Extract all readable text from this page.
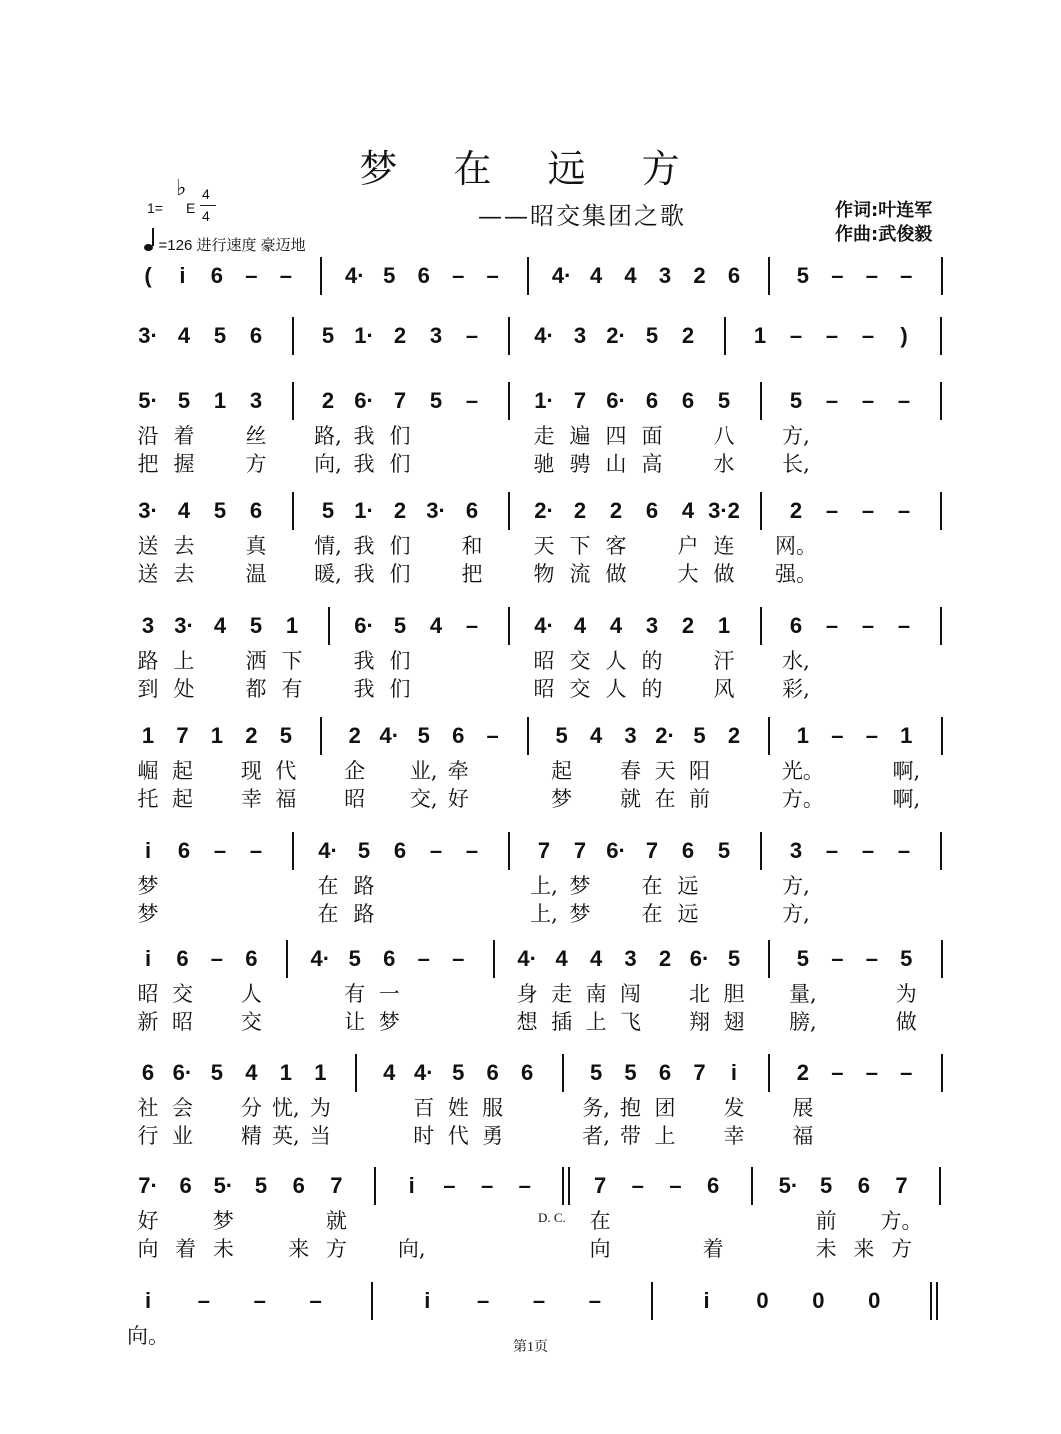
梦 在 远 方
——昭交集团之歌	作词:叶连军
作曲:武俊毅
1=
♭
E
4
4
=126 进行速度 豪迈地
( i 6 – – 4· 5 6 – – 4· 4 4 3 2 6	5 – – –
3· 4 5 6	5 1· 2 3 –	4· 3 2· 5 2	1 – – – )
5· 5 1 3	2 6· 7 5 –	1· 7 6· 6 6 5	5 – – –
沿 着 丝 路, 我 们	走 遍 四 面 八 方,
把 握 方 向, 我 们	驰 骋 山 高 水 长,
3· 4 5 6	5 1· 2 3· 6	2· 2 2 6 4 3·2 2 – – –
送 去 真 情, 我 们 和 天 下 客 户 连 网。
送 去 温 暖, 我 们 把 物 流 做 大 做 强。
3 3· 4 5 1	6· 5 4 –	4· 4 4 3 2 1	6 – – –
路 上 洒 下 我 们	昭 交 人 的 汗 水,
到 处 都 有 我 们	昭 交 人 的 风 彩,
1 7 1 2 5	2 4· 5 6 –	5 4 3 2· 5 2	1 – – 1
崛 起 现 代 企 业, 牵	起 春 天 阳	光。	啊,
托 起 幸 福 昭 交, 好	梦 就 在 前	方。	啊,
i 6 – –	4· 5 6 – –	7 7 6· 7 6 5	3 – – –
梦	在 路	上, 梦 在 远	方,
梦	在 路	上, 梦 在 远	方,
i 6 – 6 4· 5 6 – – 4· 4 4 3 2 6· 5	5 – – 5
昭 交 人	有 一	身 走 南 闯 北 胆 量,	为
新 昭 交	让 梦	想 插 上 飞 翔 翅 膀,	做
6 6· 5 4 1 1	4 4· 5 6 6	5 5 6 7 i	2 – – –
社 会 分 忧, 为	百 姓 服	务, 抱 团 发 展
行 业 精 英, 当	时 代 勇	者, 带 上 幸 福
7· 6 5· 5 6 7	i – – –	7 – – 6	5· 5 6 7
好	梦	就	在	前 方。
向 着 未	来 方 向,	向	着	未 来 方
i – – –	i – – –	i 0 0 0
向。
D. C.
第1页
